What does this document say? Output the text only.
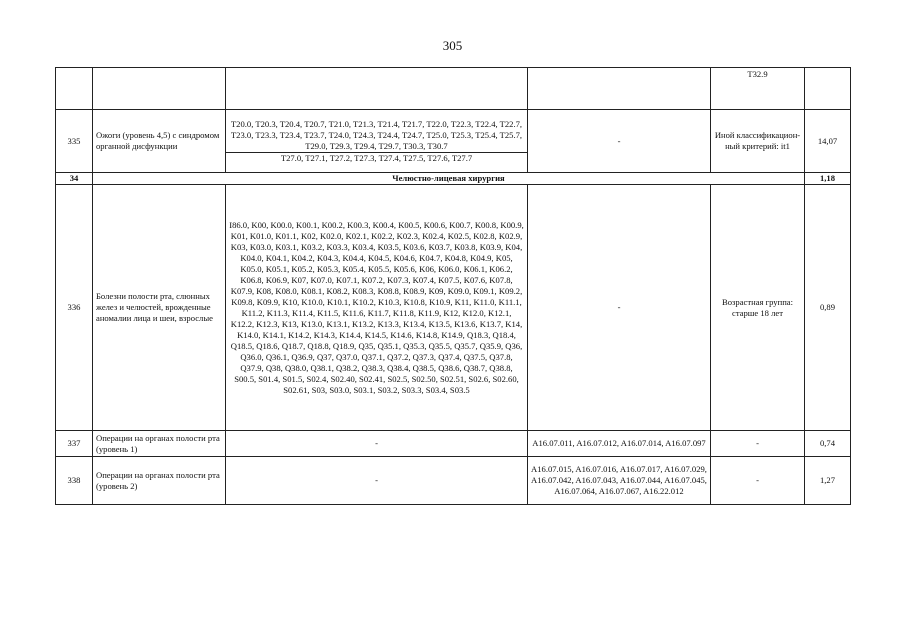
305

				T32.9	

335	Ожоги (уровень 4,5) с синдромом органной дисфункции	T20.0, T20.3, T20.4, T20.7, T21.0, T21.3, T21.4, T21.7, T22.0, T22.3, T22.4, T22.7, T23.0, T23.3, T23.4, T23.7, T24.0, T24.3, T24.4, T24.7, T25.0, T25.3, T25.4, T25.7, T29.0, T29.3, T29.4, T29.7, T30.3, T30.7
T27.0, T27.1, T27.2, T27.3, T27.4, T27.5, T27.6, T27.7	-	Иной классификацион-ный критерий: it1	14,07
34	Челюстно-лицевая хирургия				1,18
336	Болезни полости рта, слюнных желез и челюстей, врожденные аномалии лица и шеи, взрослые	I86.0, K00, K00.0, K00.1, K00.2, K00.3, K00.4, K00.5, K00.6, K00.7, K00.8, K00.9, K01, K01.0, K01.1, K02, K02.0, K02.1, K02.2, K02.3, K02.4, K02.5, K02.8, K02.9, K03, K03.0, K03.1, K03.2, K03.3, K03.4, K03.5, K03.6, K03.7, K03.8, K03.9, K04, K04.0, K04.1, K04.2, K04.3, K04.4, K04.5, K04.6, K04.7, K04.8, K04.9, K05, K05.0, K05.1, K05.2, K05.3, K05.4, K05.5, K05.6, K06, K06.0, K06.1, K06.2, K06.8, K06.9, K07, K07.0, K07.1, K07.2, K07.3, K07.4, K07.5, K07.6, K07.8, K07.9, K08, K08.0, K08.1, K08.2, K08.3, K08.8, K08.9, K09, K09.0, K09.1, K09.2, K09.8, K09.9, K10, K10.0, K10.1, K10.2, K10.3, K10.8, K10.9, K11, K11.0, K11.1, K11.2, K11.3, K11.4, K11.5, K11.6, K11.7, K11.8, K11.9, K12, K12.0, K12.1, K12.2, K12.3, K13, K13.0, K13.1, K13.2, K13.3, K13.4, K13.5, K13.6, K13.7, K14, K14.0, K14.1, K14.2, K14.3, K14.4, K14.5, K14.6, K14.8, K14.9, Q18.3, Q18.4, Q18.5, Q18.6, Q18.7, Q18.8, Q18.9, Q35, Q35.1, Q35.3, Q35.5, Q35.7, Q35.9, Q36, Q36.0, Q36.1, Q36.9, Q37, Q37.0, Q37.1, Q37.2, Q37.3, Q37.4, Q37.5, Q37.8, Q37.9, Q38, Q38.0, Q38.1, Q38.2, Q38.3, Q38.4, Q38.5, Q38.6, Q38.7, Q38.8, S00.5, S01.4, S01.5, S02.4, S02.40, S02.41, S02.5, S02.50, S02.51, S02.6, S02.60, S02.61, S03, S03.0, S03.1, S03.2, S03.3, S03.4, S03.5	-	Возрастная группа: старше 18 лет	0,89
337	Операции на органах полости рта (уровень 1)	-	A16.07.011, A16.07.012, A16.07.014, A16.07.097	-	0,74
338	Операции на органах полости рта (уровень 2)	-	A16.07.015, A16.07.016, A16.07.017, A16.07.029, A16.07.042, A16.07.043, A16.07.044, A16.07.045, A16.07.064, A16.07.067, A16.22.012	-	1,27
